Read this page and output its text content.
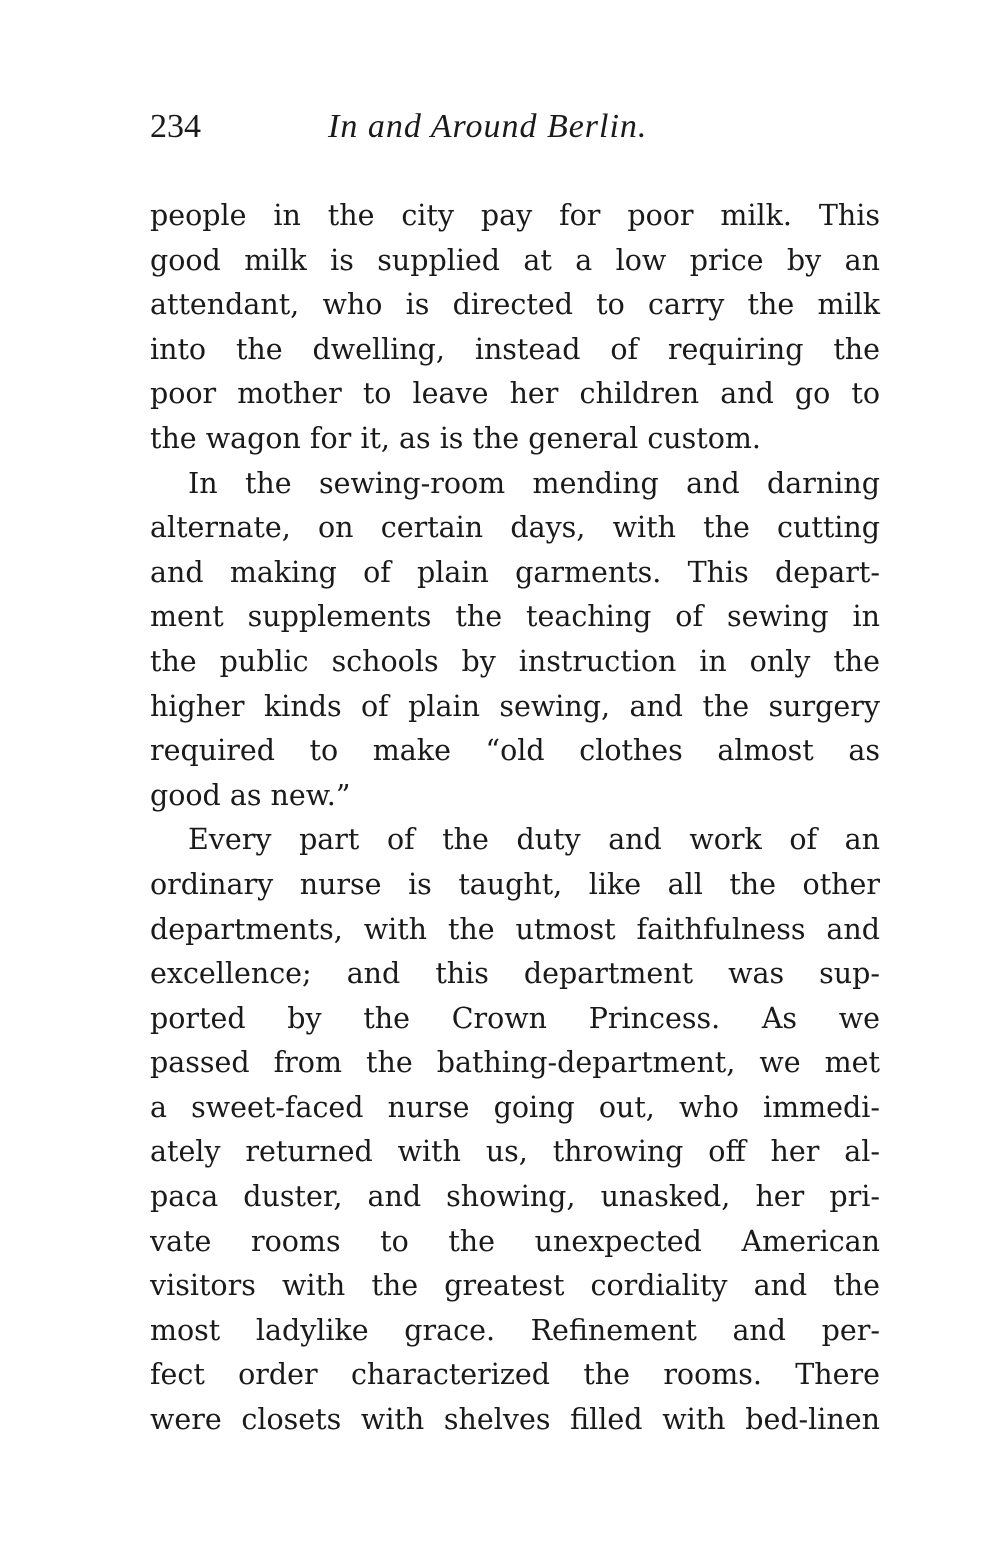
234	In and Around Berlin.
people in the city pay for poor milk. This
good milk is supplied at a low price by an
attendant, who is directed to carry the milk
into the dwelling, instead of requiring the
poor mother to leave her children and go to
the wagon for it, as is the general custom.
In the sewing-room mending and darning
alternate, on certain days, with the cutting
and making of plain garments. This depart-
ment supplements the teaching of sewing in
the public schools by instruction in only the
higher kinds of plain sewing, and the surgery
required to make “old clothes almost as
good as new.”
Every part of the duty and work of an
ordinary nurse is taught, like all the other
departments, with the utmost faithfulness and
excellence; and this department was sup-
ported by the Crown Princess. As we
passed from the bathing-department, we met
a sweet-faced nurse going out, who immedi-
ately returned with us, throwing off her al-
paca duster, and showing, unasked, her pri-
vate rooms to the unexpected American
visitors with the greatest cordiality and the
most ladylike grace. Refinement and per-
fect order characterized the rooms. There
were closets with shelves filled with bed-linen
